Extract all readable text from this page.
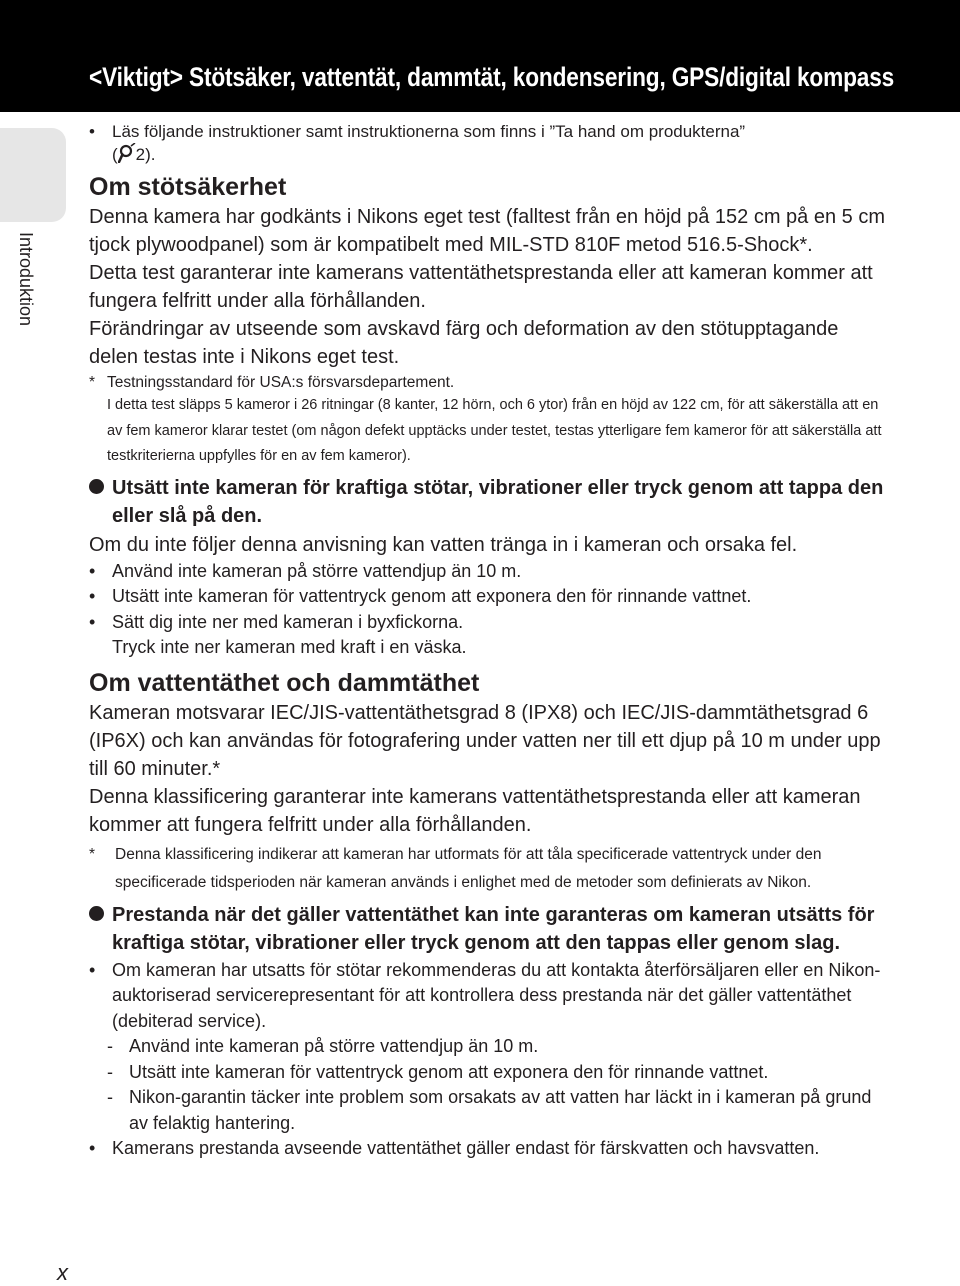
<Viktigt> Stötsäker, vattentät, dammtät, kondensering, GPS/digital kompass
Introduktion
• Läs följande instruktioner samt instruktionerna som finns i ”Ta hand om produkterna”
( 2).
Om stötsäkerhet

Denna kamera har godkänts i Nikons eget test (falltest från en höjd på 152 cm på en 5 cm tjock plywoodpanel) som är kompatibelt med MIL-STD 810F metod 516.5-Shock*.

Detta test garanterar inte kamerans vattentäthetsprestanda eller att kameran kommer att fungera felfritt under alla förhållanden.

Förändringar av utseende som avskavd färg och deformation av den stötupptagande delen testas inte i Nikons eget test.

* Testningsstandard för USA:s försvarsdepartement.

I detta test släpps 5 kameror i 26 ritningar (8 kanter, 12 hörn, och 6 ytor) från en höjd av 122 cm, för att säkerställa att en av fem kameror klarar testet (om någon defekt upptäcks under testet, testas ytterligare fem kameror för att säkerställa att testkriterierna uppfylles för en av fem kameror).

Utsätt inte kameran för kraftiga stötar, vibrationer eller tryck genom att tappa den eller slå på den.

Om du inte följer denna anvisning kan vatten tränga in i kameran och orsaka fel.

• Använd inte kameran på större vattendjup än 10 m.
• Utsätt inte kameran för vattentryck genom att exponera den för rinnande vattnet.
• Sätt dig inte ner med kameran i byxfickorna.
Tryck inte ner kameran med kraft i en väska.
Om vattentäthet och dammtäthet

Kameran motsvarar IEC/JIS-vattentäthetsgrad 8 (IPX8) och IEC/JIS-dammtäthetsgrad 6 (IP6X) och kan användas för fotografering under vatten ner till ett djup på 10 m under upp till 60 minuter.*

Denna klassificering garanterar inte kamerans vattentäthetsprestanda eller att kameran kommer att fungera felfritt under alla förhållanden.

* Denna klassificering indikerar att kameran har utformats för att tåla specificerade vattentryck under den specificerade tidsperioden när kameran används i enlighet med de metoder som definierats av Nikon.

Prestanda när det gäller vattentäthet kan inte garanteras om kameran utsätts för kraftiga stötar, vibrationer eller tryck genom att den tappas eller genom slag.

• Om kameran har utsatts för stötar rekommenderas du att kontakta återförsäljaren eller en Nikon-auktoriserad servicerepresentant för att kontrollera dess prestanda när det gäller vattentäthet (debiterad service).
- Använd inte kameran på större vattendjup än 10 m.
- Utsätt inte kameran för vattentryck genom att exponera den för rinnande vattnet.
- Nikon-garantin täcker inte problem som orsakats av att vatten har läckt in i kameran på grund av felaktig hantering.
• Kamerans prestanda avseende vattentäthet gäller endast för färskvatten och havsvatten.
x
